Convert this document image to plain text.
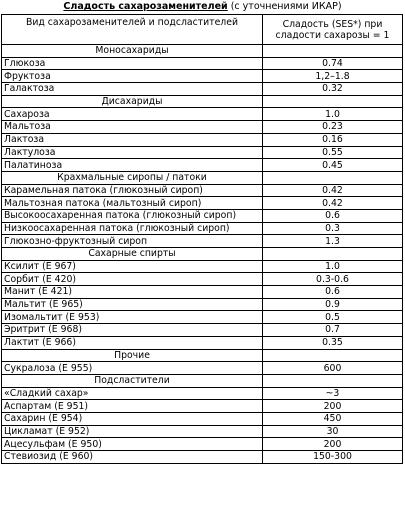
Сладость сахарозаменителей (с уточнениями ИКАР)
Вид сахарозаменителей и подсластителей	Сладость (SES*) при сладости сахарозы = 1

Моносахариды	
Глюкоза	0.74
Фруктоза	1,2–1.8
Галактоза	0.32
Дисахариды	
Сахароза	1.0
Мальтоза	0.23
Лактоза	0.16
Лактулоза	0.55
Палатиноза	0.45
Крахмальные сиропы / патоки	
Карамельная патока (глюкозный сироп)	0.42
Мальтозная патока (мальтозный сироп)	0.42
Высокоосахаренная патока (глюкозный сироп)	0.6
Низкоосахаренная патока (глюкозный сироп)	0.3
Глюкозно-фруктозный сироп	1.3
Сахарные спирты	
Ксилит (Е 967)	1.0
Сорбит (Е 420)	0.3-0.6
Манит (Е 421)	0.6
Мальтит (Е 965)	0.9
Изомальтит (Е 953)	0.5
Эритрит (Е 968)	0.7
Лактит (Е 966)	0.35
Прочие	
Сукралоза (Е 955)	600
Подсластители	
«Сладкий сахар»	~3
Аспартам (Е 951)	200
Сахарин (Е 954)	450
Цикламат (Е 952)	30
Ацесульфам (Е 950)	200
Стевиозид (Е 960)	150-300
